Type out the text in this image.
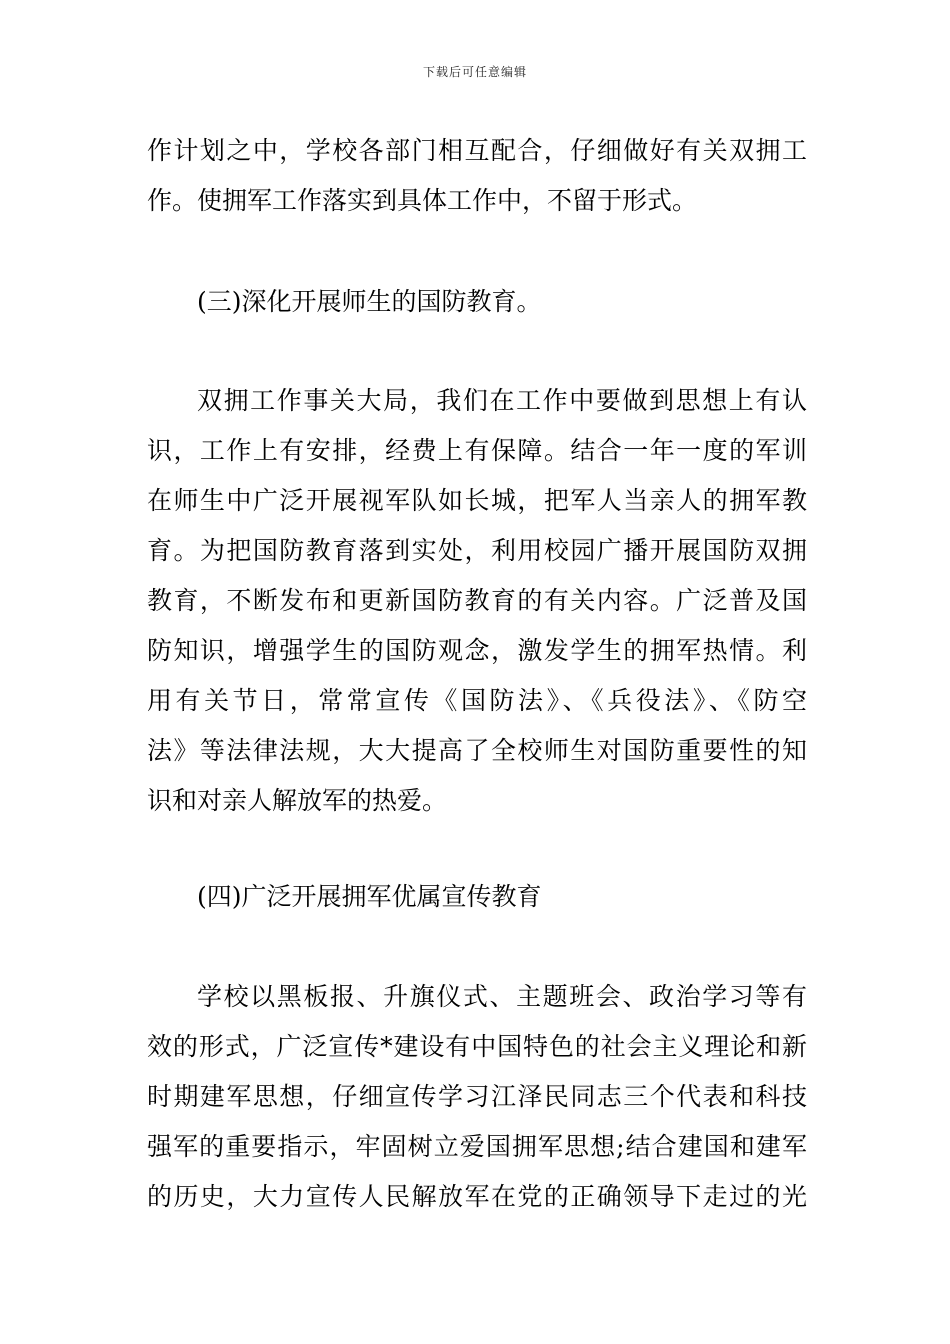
下载后可任意编辑
作计划之中，学校各部门相互配合，仔细做好有关双拥工
作。使拥军工作落实到具体工作中，不留于形式。
(三)深化开展师生的国防教育。
双拥工作事关大局，我们在工作中要做到思想上有认
识，工作上有安排，经费上有保障。结合一年一度的军训
在师生中广泛开展视军队如长城，把军人当亲人的拥军教
育。为把国防教育落到实处，利用校园广播开展国防双拥
教育，不断发布和更新国防教育的有关内容。广泛普及国
防知识，增强学生的国防观念，激发学生的拥军热情。利
用有关节日，常常宣传《国防法》、《兵役法》、《防空
法》等法律法规，大大提高了全校师生对国防重要性的知
识和对亲人解放军的热爱。
(四)广泛开展拥军优属宣传教育
学校以黑板报、升旗仪式、主题班会、政治学习等有
效的形式，广泛宣传*建设有中国特色的社会主义理论和新
时期建军思想，仔细宣传学习江泽民同志三个代表和科技
强军的重要指示，牢固树立爱国拥军思想;结合建国和建军
的历史，大力宣传人民解放军在党的正确领导下走过的光
